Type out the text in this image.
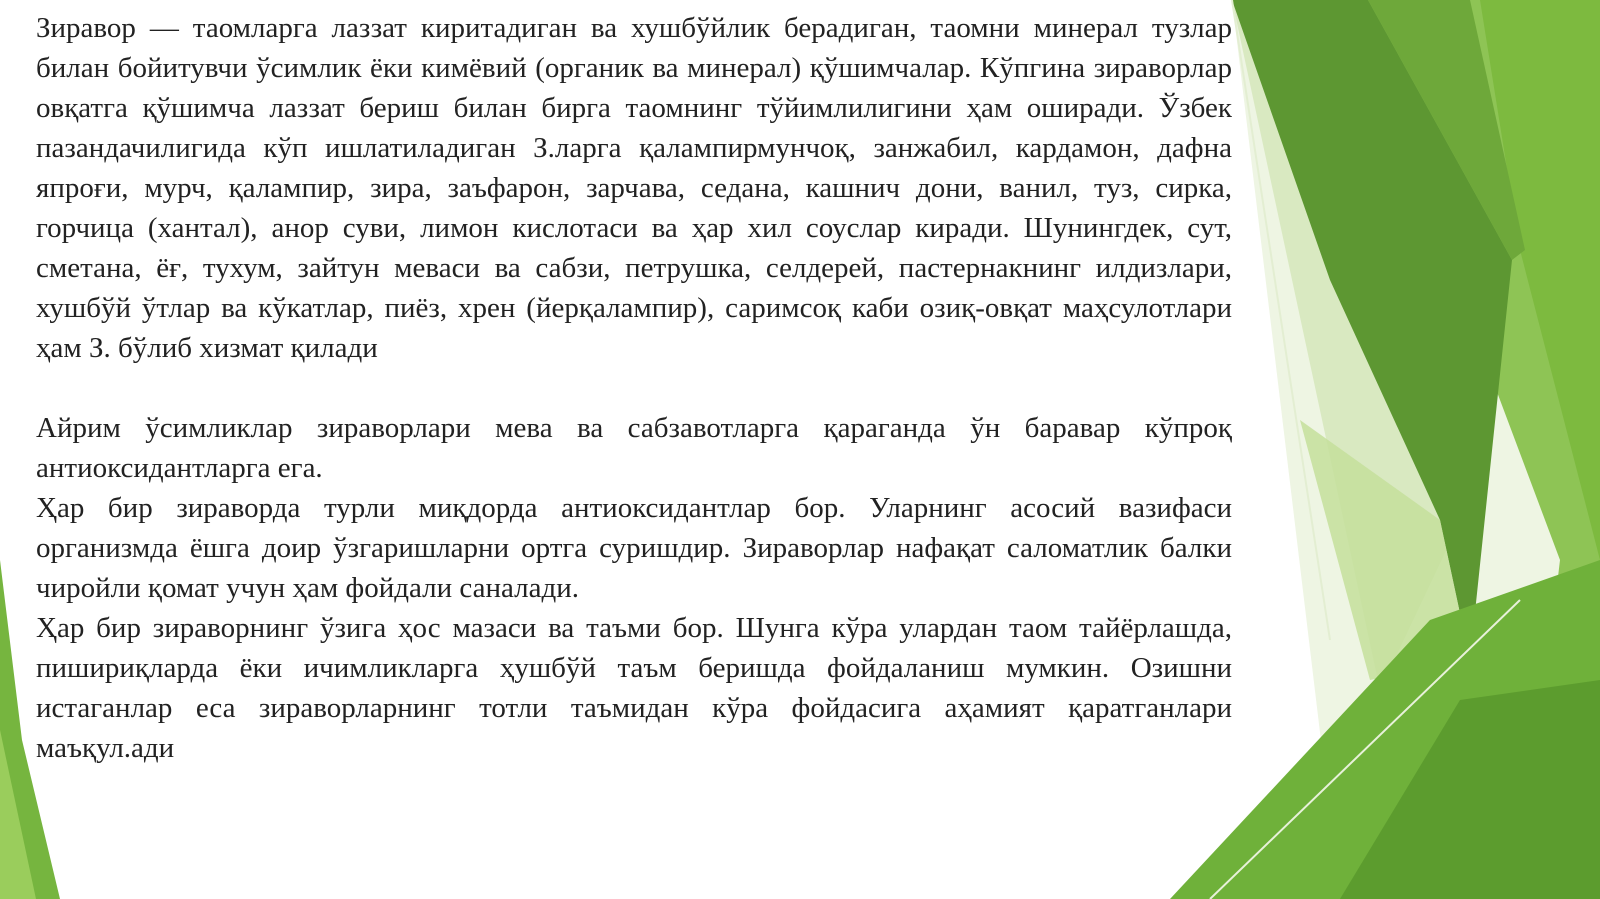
Зиравор — таомларга лаззат киритадиган ва хушбўйлик берадиган, таомни минерал тузлар билан бойитувчи ўсимлик ёки кимёвий (органик ва минерал) қўшимчалар. Кўпгина зираворлар овқатга қўшимча лаззат бериш билан бирга таомнинг тўйимлилигини ҳам оширади. Ўзбек пазандачилигида кўп ишлатиладиган З.ларга қалампирмунчоқ, занжабил, кардамон, дафна япроғи, мурч, қалампир, зира, заъфарон, зарчава, седана, кашнич дони, ванил, туз, сирка, горчица (хантал), анор суви, лимон кислотаси ва ҳар хил соуслар киради. Шунингдек, сут, сметана, ёғ, тухум, зайтун меваси ва сабзи, петрушка, селдерей, пастернакнинг илдизлари, хушбўй ўтлар ва кўкатлар, пиёз, хрен (йерқалампир), саримсоқ каби озиқ-овқат маҳсулотлари ҳам З. бўлиб хизмат қилади

Айрим ўсимликлар зираворлари мева ва сабзавотларга қараганда ўн баравар кўпроқ антиоксидантларга ега.

Ҳар бир зираворда турли миқдорда антиоксидантлар бор. Уларнинг асосий вазифаси организмда ёшга доир ўзгаришларни ортга суришдир. Зираворлар нафақат саломатлик балки чиройли қомат учун ҳам фойдали саналади.

Ҳар бир зираворнинг ўзига ҳос мазаси ва таъми бор. Шунга кўра улардан таом тайёрлашда, пишириқларда ёки ичимликларга ҳушбўй таъм беришда фойдаланиш мумкин. Озишни истаганлар еса зираворларнинг тотли таъмидан кўра фойдасига аҳамият қаратганлари маъқул.ади
